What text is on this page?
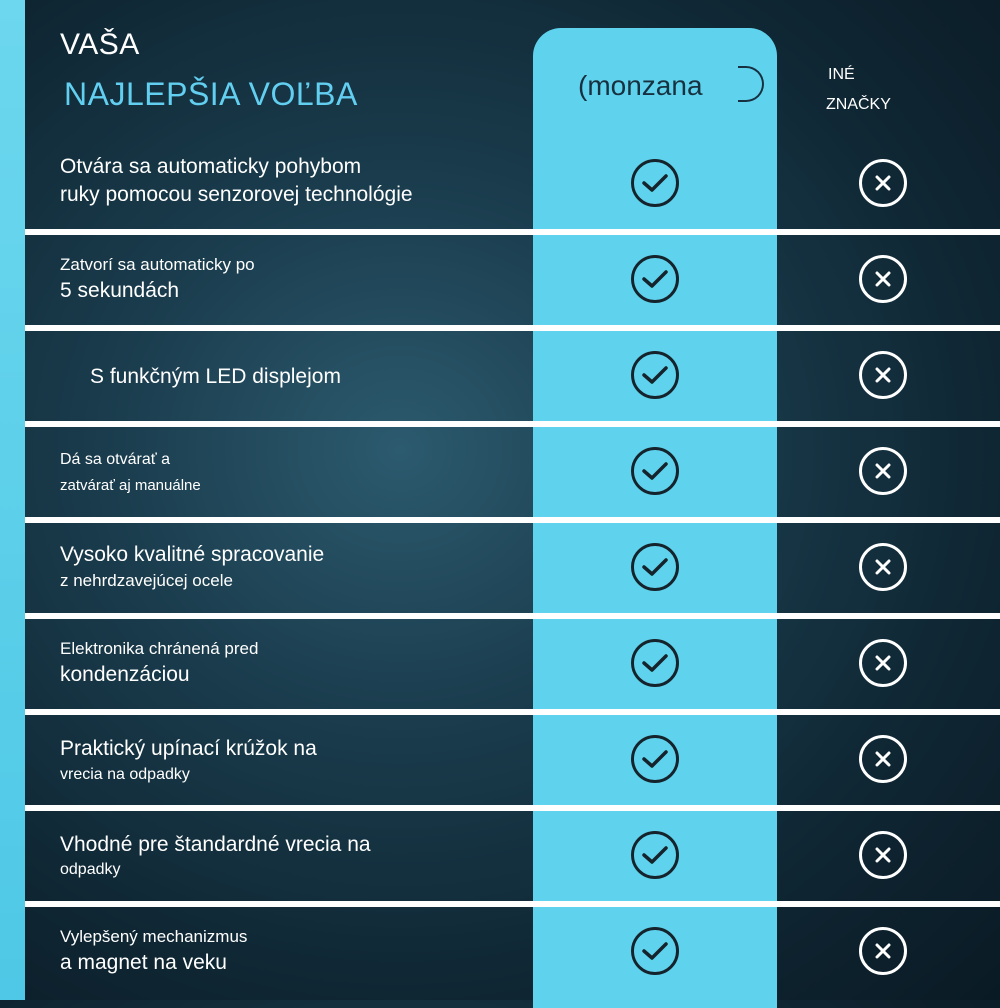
VAŠA
NAJLEPŠIA VOĽBA	(monzana	INÉ
ZNAČKY
Otvára sa automaticky pohybom
ruky pomocou senzorovej technológie
Zatvorí sa automaticky po
5 sekundách
S funkčným LED displejom
Dá sa otvárať a
zatvárať aj manuálne
Vysoko kvalitné spracovanie
z nehrdzavejúcej ocele
Elektronika chránená pred
kondenzáciou
Praktický upínací krúžok na
vrecia na odpadky
Vhodné pre štandardné vrecia na
odpadky
Vylepšený mechanizmus
a magnet na veku
